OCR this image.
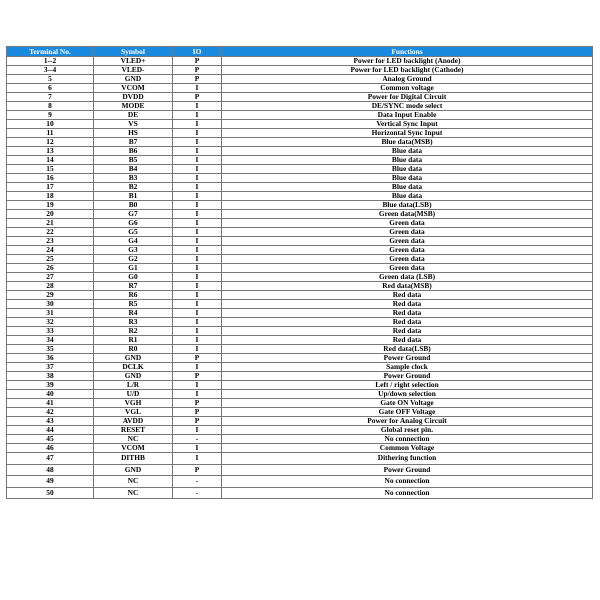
Terminal No.	Symbol	IO	Functions
1--2	VLED+	P	Power for LED backlight (Anode)
3--4	VLED-	P	Power for LED backlight (Cathode)
5	GND	P	Analog Ground
6	VCOM	I	Common voltage
7	DVDD	P	Power for Digital Circuit
8	MODE	I	DE/SYNC mode select
9	DE	I	Data Input Enable
10	VS	I	Vertical Sync Input
11	HS	I	Horizontal Sync Input
12	B7	I	Blue data(MSB)
13	B6	I	Blue data
14	B5	I	Blue data
15	B4	I	Blue data
16	B3	I	Blue data
17	B2	I	Blue data
18	B1	I	Blue data
19	B0	I	Blue data(LSB)
20	G7	I	Green data(MSB)
21	G6	I	Green data
22	G5	I	Green data
23	G4	I	Green data
24	G3	I	Green data
25	G2	I	Green data
26	G1	I	Green data
27	G0	I	Green data (LSB)
28	R7	I	Red data(MSB)
29	R6	I	Red data
30	R5	I	Red data
31	R4	I	Red data
32	R3	I	Red data
33	R2	I	Red data
34	R1	I	Red data
35	R0	I	Red data(LSB)
36	GND	P	Power Ground
37	DCLK	I	Sample clock
38	GND	P	Power Ground
39	L/R	I	Left / right selection
40	U/D	I	Up/down selection
41	VGH	P	Gate ON Voltage
42	VGL	P	Gate OFF Voltage
43	AVDD	P	Power for Analog Circuit
44	RESET	I	Global reset pin.
45	NC	-	No connection
46	VCOM	I	Common Voltage
47	DITHB	I	Dithering function
48	GND	P	Power Ground
49	NC	-	No connection
50	NC	-	No connection
